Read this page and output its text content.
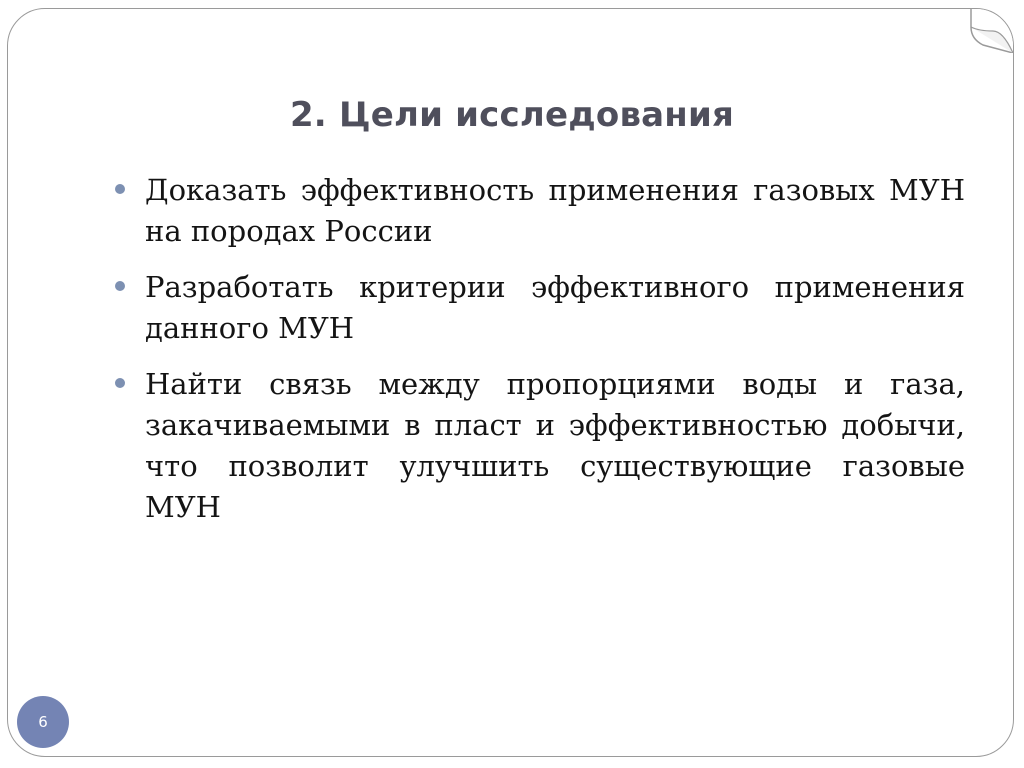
2. Цели исследования
Доказать эффективность применения газовых МУН
на породах России
Разработать критерии эффективного применения
данного МУН
Найти связь между пропорциями воды и газа,
закачиваемыми в пласт и эффективностью добычи,
что позволит улучшить существующие газовые
МУН
6
